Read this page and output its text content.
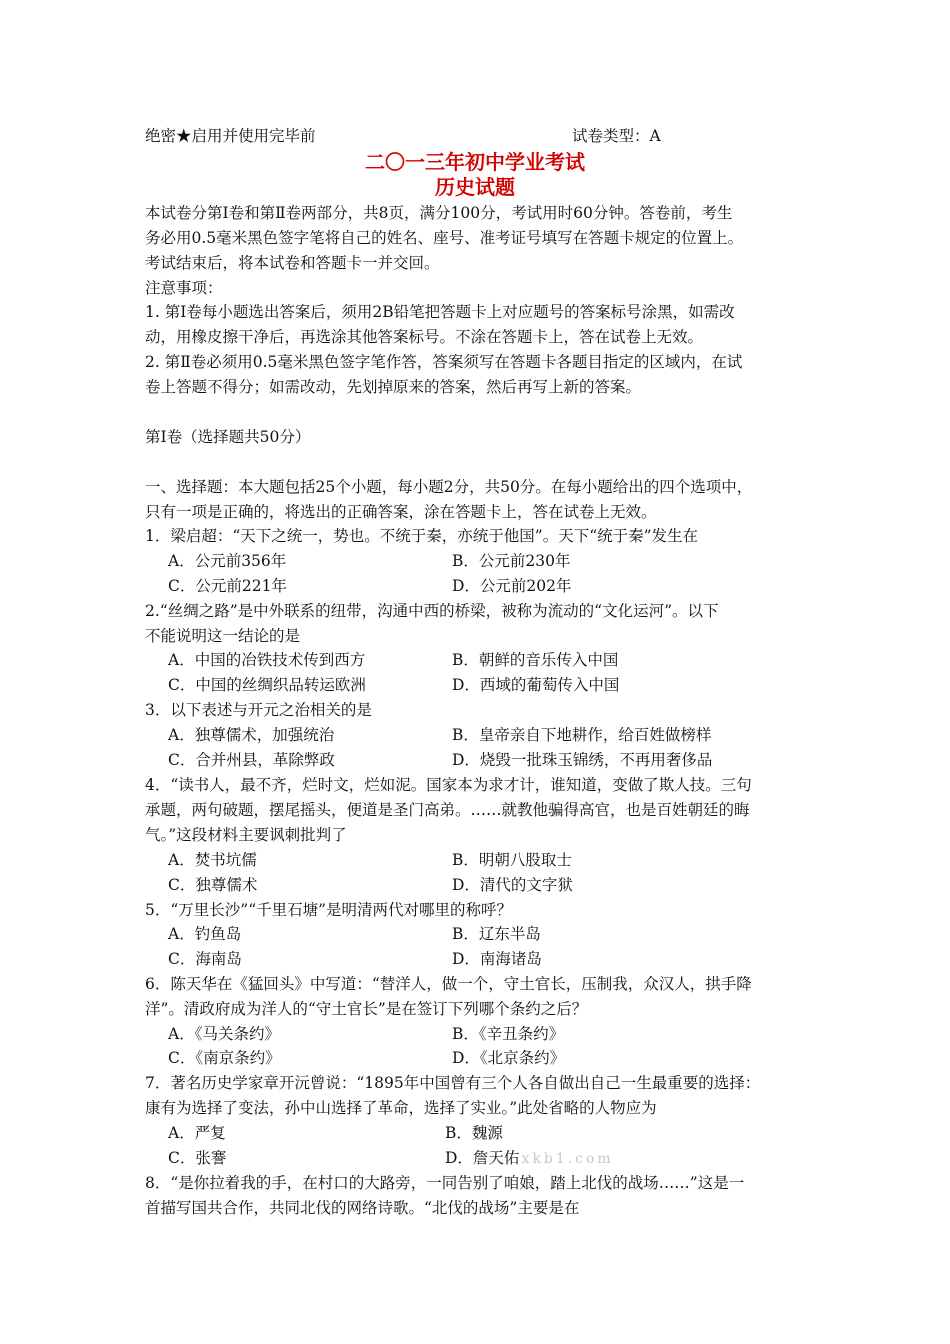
绝密★启用并使用完毕前	试卷类型：A
二〇一三年初中学业考试
历史试题
本试卷分第Ⅰ卷和第Ⅱ卷两部分，共8页，满分100分，考试用时60分钟。答卷前，考生
务必用0.5毫米黑色签字笔将自己的姓名、座号、准考证号填写在答题卡规定的位置上。
考试结束后，将本试卷和答题卡一并交回。
注意事项：
1. 第Ⅰ卷每小题选出答案后，须用2B铅笔把答题卡上对应题号的答案标号涂黑，如需改
动，用橡皮擦干净后，再选涂其他答案标号。不涂在答题卡上，答在试卷上无效。
2. 第Ⅱ卷必须用0.5毫米黑色签字笔作答，答案须写在答题卡各题目指定的区域内，在试
卷上答题不得分；如需改动，先划掉原来的答案，然后再写上新的答案。
第Ⅰ卷（选择题共50分）
一、选择题：本大题包括25个小题，每小题2分，共50分。在每小题给出的四个选项中，
只有一项是正确的，将选出的正确答案，涂在答题卡上，答在试卷上无效。
1．梁启超：“天下之统一，势也。不统于秦，亦统于他国”。天下“统于秦”发生在
A．公元前356年	B．公元前230年
C．公元前221年	D．公元前202年
2.“丝绸之路”是中外联系的纽带，沟通中西的桥梁，被称为流动的“文化运河”。以下
不能说明这一结论的是
A．中国的冶铁技术传到西方	B．朝鲜的音乐传入中国
C．中国的丝绸织品转运欧洲	D．西域的葡萄传入中国
3．以下表述与开元之治相关的是
A．独尊儒术，加强统治	B．皇帝亲自下地耕作，给百姓做榜样
C．合并州县，革除弊政	D．烧毁一批珠玉锦绣，不再用奢侈品
4．“读书人，最不齐，烂时文，烂如泥。国家本为求才计，谁知道，变做了欺人技。三句
承题，两句破题，摆尾摇头，便道是圣门高弟。……就教他骗得高官，也是百姓朝廷的晦
气。”这段材料主要讽刺批判了
A．焚书坑儒	B．明朝八股取士
C．独尊儒术	D．清代的文字狱
5．“万里长沙”“千里石塘”是明清两代对哪里的称呼？
A．钓鱼岛	B．辽东半岛
C．海南岛	D．南海诸岛
6．陈天华在《猛回头》中写道：“替洋人，做一个，守土官长，压制我，众汉人，拱手降
洋”。清政府成为洋人的“守土官长”是在签订下列哪个条约之后？
A．《马关条约》	B．《辛丑条约》
C．《南京条约》	D．《北京条约》
7．著名历史学家章开沅曾说：“1895年中国曾有三个人各自做出自己一生最重要的选择：
康有为选择了变法，孙中山选择了革命，选择了实业。”此处省略的人物应为
A．严复	B．魏源
C．张謇	D．詹天佑 xkb1.com
8．“是你拉着我的手，在村口的大路旁，一同告别了咱娘，踏上北伐的战场……”这是一
首描写国共合作，共同北伐的网络诗歌。“北伐的战场”主要是在
